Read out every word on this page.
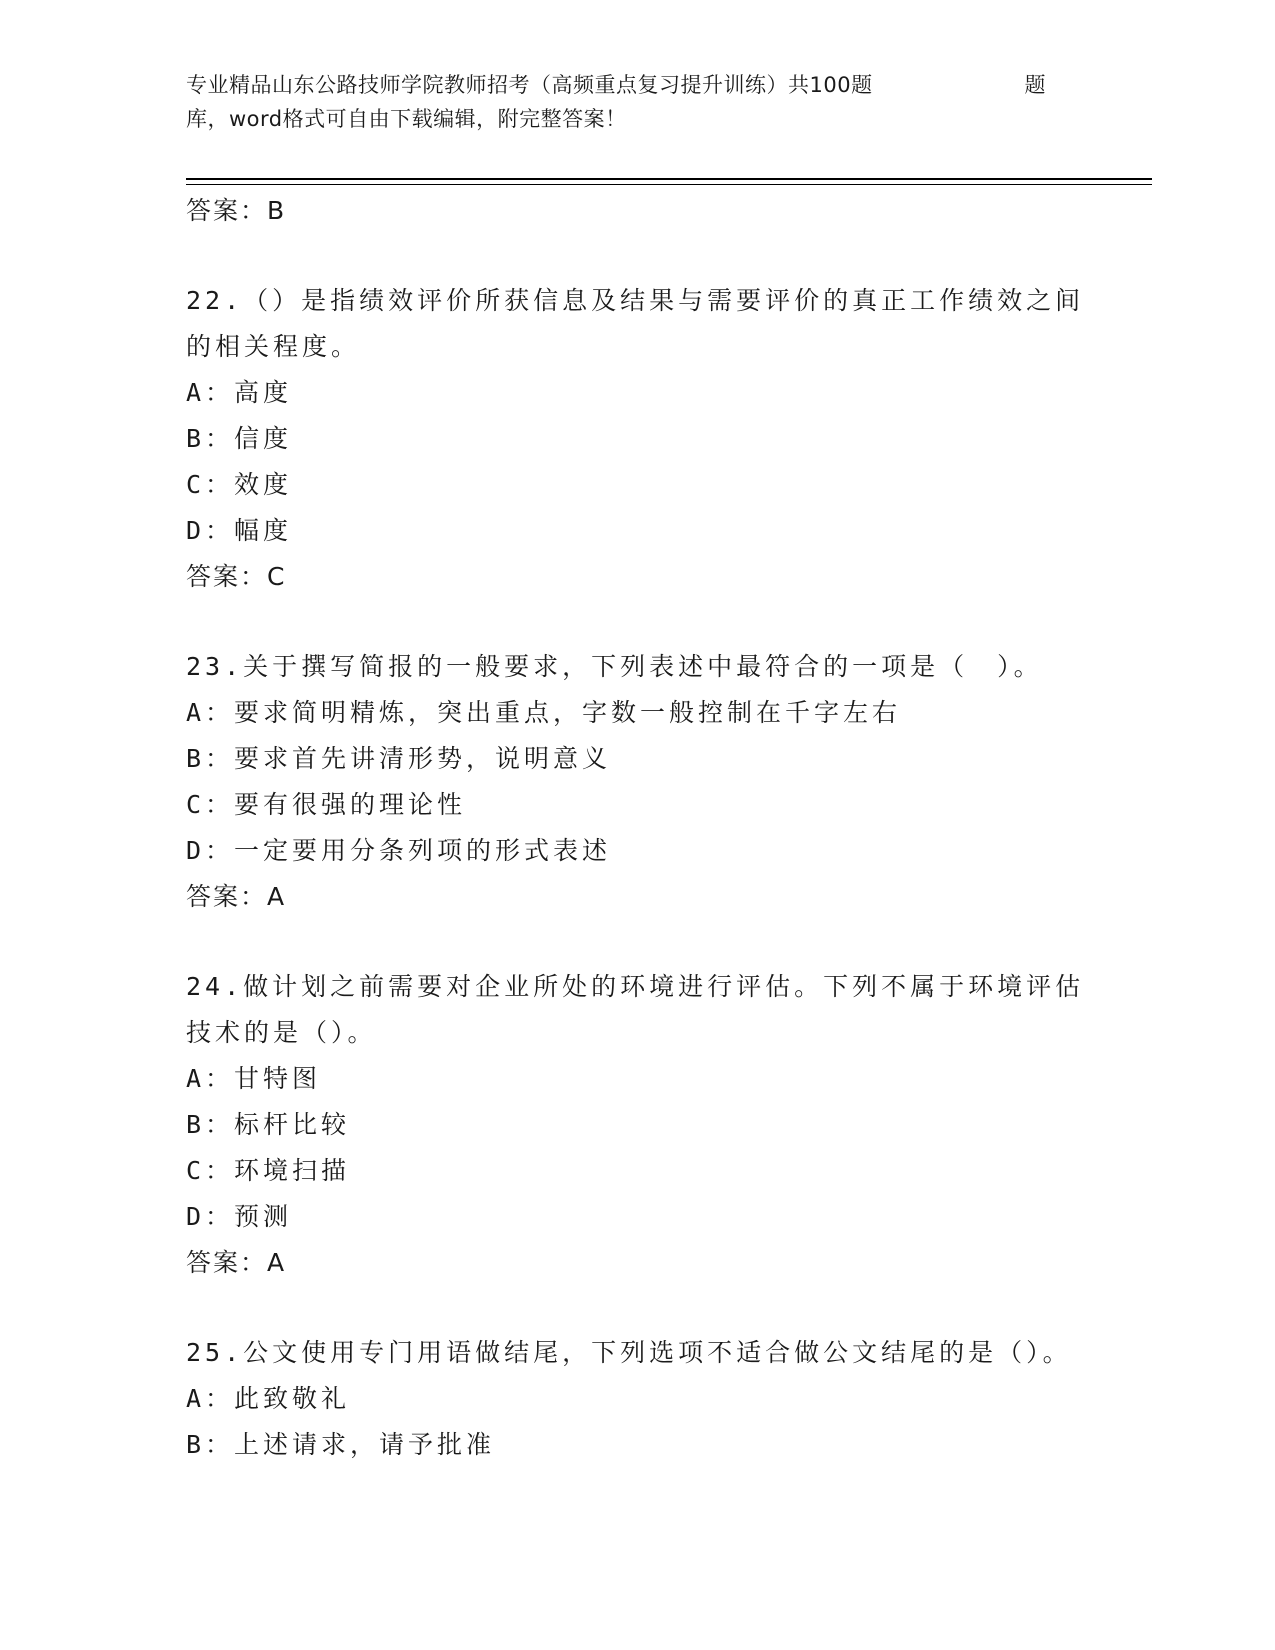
专业精品山东公路技师学院教师招考（高频重点复习提升训练）共100题	题
库，word格式可自由下载编辑，附完整答案！
答案：B
22.（）是指绩效评价所获信息及结果与需要评价的真正工作绩效之间的相关程度。
A：高度
B：信度
C：效度
D：幅度
答案：C
23.关于撰写简报的一般要求，下列表述中最符合的一项是（　）。
A：要求简明精炼，突出重点，字数一般控制在千字左右
B：要求首先讲清形势，说明意义
C：要有很强的理论性
D：一定要用分条列项的形式表述
答案：A
24.做计划之前需要对企业所处的环境进行评估。下列不属于环境评估技术的是（）。
A：甘特图
B：标杆比较
C：环境扫描
D：预测
答案：A
25.公文使用专门用语做结尾，下列选项不适合做公文结尾的是（）。
A：此致敬礼
B：上述请求，请予批准
